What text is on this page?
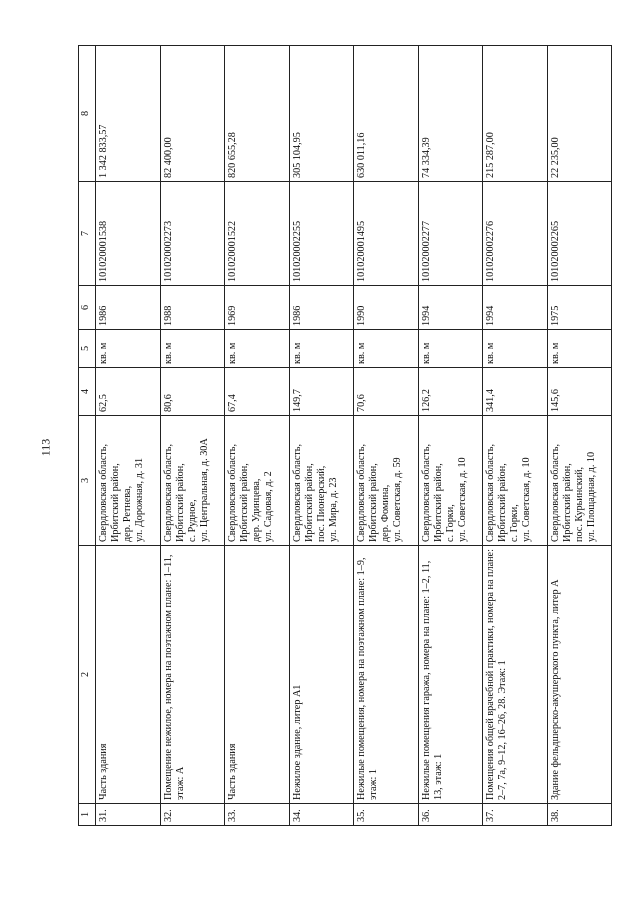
113
1	2	3	4	5	6	7	8
31.	Часть здания	Свердловская область, Ирбитский район, дер. Ретнева, ул. Дорожная, д. 31	62,5	кв. м	1986	101020001538	1 342 833,57
32.	Помещение нежилое, номера на поэтажном плане: 1–11, этаж: А	Свердловская область, Ирбитский район, с. Рудное, ул. Центральная, д. 30А	80,6	кв. м	1988	101020002273	82 400,00
33.	Часть здания	Свердловская область, Ирбитский район, дер. Удинцева, ул. Садовая, д. 2	67,4	кв. м	1969	101020001522	820 655,28
34.	Нежилое здание, литер А1	Свердловская область, Ирбитский район, пос. Пионерский, ул. Мира, д. 23	149,7	кв. м	1986	101020002255	305 104,95
35.	Нежилые помещения, номера на поэтажном плане: 1–9, этаж: 1	Свердловская область, Ирбитский район, дер. Фомина, ул. Советская, д. 59	70,6	кв. м	1990	101020001495	630 011,16
36.	Нежилые помещения гаража, номера на плане: 1–2, 11, 13, этаж: 1	Свердловская область, Ирбитский район, с. Горки, ул. Советская, д. 10	126,2	кв. м	1994	101020002277	74 334,39
37.	Помещения общей врачебной практики, номера на плане: 2–7, 7а, 9–12, 16–26, 28. Этаж: 1	Свердловская область, Ирбитский район, с. Горки, ул. Советская, д. 10	341,4	кв. м	1994	101020002276	215 287,00
38.	Здание фельдшерско-акушерского пункта, литер А	Свердловская область, Ирбитский район, пос. Курьинский, ул. Площадная, д. 10	145,6	кв. м	1975	101020002265	22 235,00
